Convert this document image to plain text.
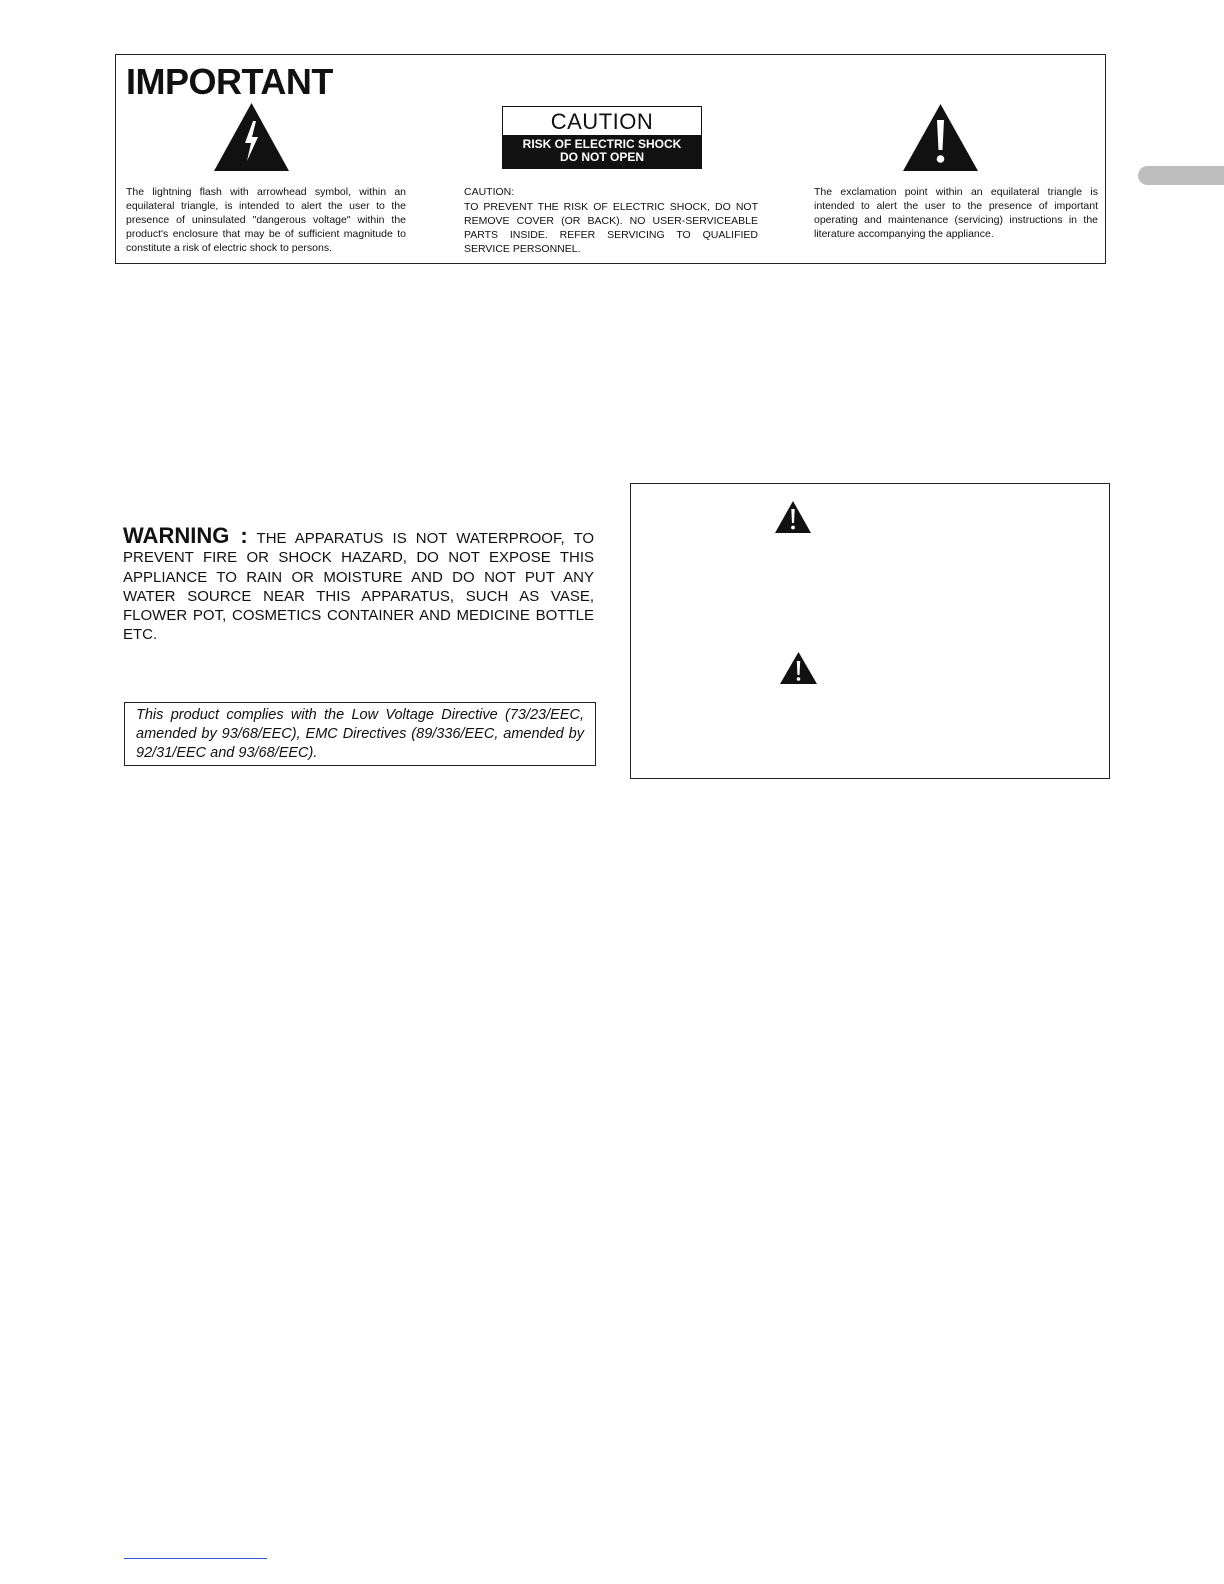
IMPORTANT

The lightning flash with arrowhead symbol, within an equilateral triangle, is intended to alert the user to the presence of uninsulated "dangerous voltage" within the product's enclosure that may be of sufficient magnitude to constitute a risk of electric shock to persons.

CAUTION
RISK OF ELECTRIC SHOCK
DO NOT OPEN

CAUTION:

TO PREVENT THE RISK OF ELECTRIC SHOCK, DO NOT REMOVE COVER (OR BACK). NO USER-SERVICEABLE PARTS INSIDE. REFER SERVICING TO QUALIFIED SERVICE PERSONNEL.

The exclamation point within an equilateral triangle is intended to alert the user to the presence of important operating and maintenance (servicing) instructions in the literature accompanying the appliance.

WARNING : THE APPARATUS IS NOT WATERPROOF, TO PREVENT FIRE OR SHOCK HAZARD, DO NOT EXPOSE THIS APPLIANCE TO RAIN OR MOISTURE AND DO NOT PUT ANY WATER SOURCE NEAR THIS APPARATUS, SUCH AS VASE, FLOWER POT, COSMETICS CONTAINER AND MEDICINE BOTTLE ETC.

This product complies with the Low Voltage Directive (73/23/EEC, amended by 93/68/EEC), EMC Directives (89/336/EEC, amended by 92/31/EEC and 93/68/EEC).
